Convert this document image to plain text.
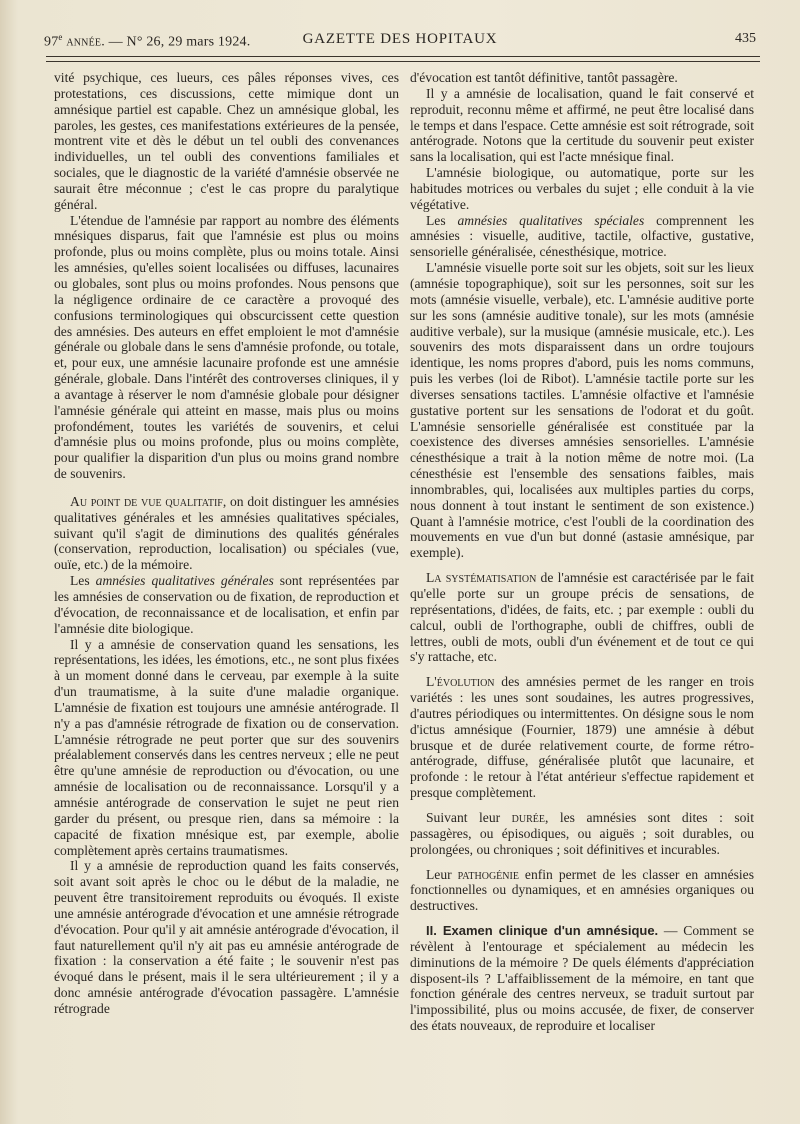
97e année. — N° 26, 29 mars 1924.	GAZETTE DES HOPITAUX	435

vité psychique, ces lueurs, ces pâles réponses vives, ces protestations, ces discussions, cette mimique dont un amnésique partiel est capable. Chez un amnésique global, les paroles, les gestes, ces manifestations extérieures de la pensée, montrent vite et dès le début un tel oubli des convenances individuelles, un tel oubli des conventions familiales et sociales, que le diagnostic de la variété d'amnésie observée ne saurait être méconnue ; c'est le cas propre du paralytique général.

L'étendue de l'amnésie par rapport au nombre des éléments mnésiques disparus, fait que l'amnésie est plus ou moins profonde, plus ou moins complète, plus ou moins totale. Ainsi les amnésies, qu'elles soient localisées ou diffuses, lacunaires ou globales, sont plus ou moins profondes. Nous pensons que la négligence ordinaire de ce caractère a provoqué des confusions terminologiques qui obscurcissent cette question des amnésies. Des auteurs en effet emploient le mot d'amnésie générale ou globale dans le sens d'amnésie profonde, ou totale, et, pour eux, une amnésie lacunaire profonde est une amnésie générale, globale. Dans l'intérêt des controverses cliniques, il y a avantage à réserver le nom d'amnésie globale pour désigner l'amnésie générale qui atteint en masse, mais plus ou moins profondément, toutes les variétés de souvenirs, et celui d'amnésie plus ou moins profonde, plus ou moins complète, pour qualifier la disparition d'un plus ou moins grand nombre de souvenirs.

Au point de vue qualitatif, on doit distinguer les amnésies qualitatives générales et les amnésies qualitatives spéciales, suivant qu'il s'agit de diminutions des qualités générales (conservation, reproduction, localisation) ou spéciales (vue, ouïe, etc.) de la mémoire.

Les amnésies qualitatives générales sont représentées par les amnésies de conservation ou de fixation, de reproduction et d'évocation, de reconnaissance et de localisation, et enfin par l'amnésie dite biologique.

Il y a amnésie de conservation quand les sensations, les représentations, les idées, les émotions, etc., ne sont plus fixées à un moment donné dans le cerveau, par exemple à la suite d'un traumatisme, à la suite d'une maladie organique. L'amnésie de fixation est toujours une amnésie antérograde. Il n'y a pas d'amnésie rétrograde de fixation ou de conservation. L'amnésie rétrograde ne peut porter que sur des souvenirs préalablement conservés dans les centres nerveux ; elle ne peut être qu'une amnésie de reproduction ou d'évocation, ou une amnésie de localisation ou de reconnaissance. Lorsqu'il y a amnésie antérograde de conservation le sujet ne peut rien garder du présent, ou presque rien, dans sa mémoire : la capacité de fixation mnésique est, par exemple, abolie complètement après certains traumatismes.

Il y a amnésie de reproduction quand les faits conservés, soit avant soit après le choc ou le début de la maladie, ne peuvent être transitoirement reproduits ou évoqués. Il existe une amnésie antérograde d'évocation et une amnésie rétrograde d'évocation. Pour qu'il y ait amnésie antérograde d'évocation, il faut naturellement qu'il n'y ait pas eu amnésie antérograde de fixation : la conservation a été faite ; le souvenir n'est pas évoqué dans le présent, mais il le sera ultérieurement ; il y a donc amnésie antérograde d'évocation passagère. L'amnésie rétrograde

d'évocation est tantôt définitive, tantôt passagère.

Il y a amnésie de localisation, quand le fait conservé et reproduit, reconnu même et affirmé, ne peut être localisé dans le temps et dans l'espace. Cette amnésie est soit rétrograde, soit antérograde. Notons que la certitude du souvenir peut exister sans la localisation, qui est l'acte mnésique final.

L'amnésie biologique, ou automatique, porte sur les habitudes motrices ou verbales du sujet ; elle conduit à la vie végétative.

Les amnésies qualitatives spéciales comprennent les amnésies : visuelle, auditive, tactile, olfactive, gustative, sensorielle généralisée, cénesthésique, motrice.

L'amnésie visuelle porte soit sur les objets, soit sur les lieux (amnésie topographique), soit sur les personnes, soit sur les mots (amnésie visuelle, verbale), etc. L'amnésie auditive porte sur les sons (amnésie auditive tonale), sur les mots (amnésie auditive verbale), sur la musique (amnésie musicale, etc.). Les souvenirs des mots disparaissent dans un ordre toujours identique, les noms propres d'abord, puis les noms communs, puis les verbes (loi de Ribot). L'amnésie tactile porte sur les diverses sensations tactiles. L'amnésie olfactive et l'amnésie gustative portent sur les sensations de l'odorat et du goût. L'amnésie sensorielle généralisée est constituée par la coexistence des diverses amnésies sensorielles. L'amnésie cénesthésique a trait à la notion même de notre moi. (La cénesthésie est l'ensemble des sensations faibles, mais innombrables, qui, localisées aux multiples parties du corps, nous donnent à tout instant le sentiment de son existence.) Quant à l'amnésie motrice, c'est l'oubli de la coordination des mouvements en vue d'un but donné (astasie amnésique, par exemple).

La systématisation de l'amnésie est caractérisée par le fait qu'elle porte sur un groupe précis de sensations, de représentations, d'idées, de faits, etc. ; par exemple : oubli du calcul, oubli de l'orthographe, oubli de chiffres, oubli de lettres, oubli de mots, oubli d'un événement et de tout ce qui s'y rattache, etc.

L'évolution des amnésies permet de les ranger en trois variétés : les unes sont soudaines, les autres progressives, d'autres périodiques ou intermittentes. On désigne sous le nom d'ictus amnésique (Fournier, 1879) une amnésie à début brusque et de durée relativement courte, de forme rétro-antérograde, diffuse, généralisée plutôt que lacunaire, et profonde : le retour à l'état antérieur s'effectue rapidement et presque complètement.

Suivant leur durée, les amnésies sont dites : soit passagères, ou épisodiques, ou aiguës ; soit durables, ou prolongées, ou chroniques ; soit définitives et incurables.

Leur pathogénie enfin permet de les classer en amnésies fonctionnelles ou dynamiques, et en amnésies organiques ou destructives.

II. Examen clinique d'un amnésique. — Comment se révèlent à l'entourage et spécialement au médecin les diminutions de la mémoire ? De quels éléments d'appréciation disposent-ils ? L'affaiblissement de la mémoire, en tant que fonction générale des centres nerveux, se traduit surtout par l'impossibilité, plus ou moins accusée, de fixer, de conserver des états nouveaux, de reproduire et localiser
